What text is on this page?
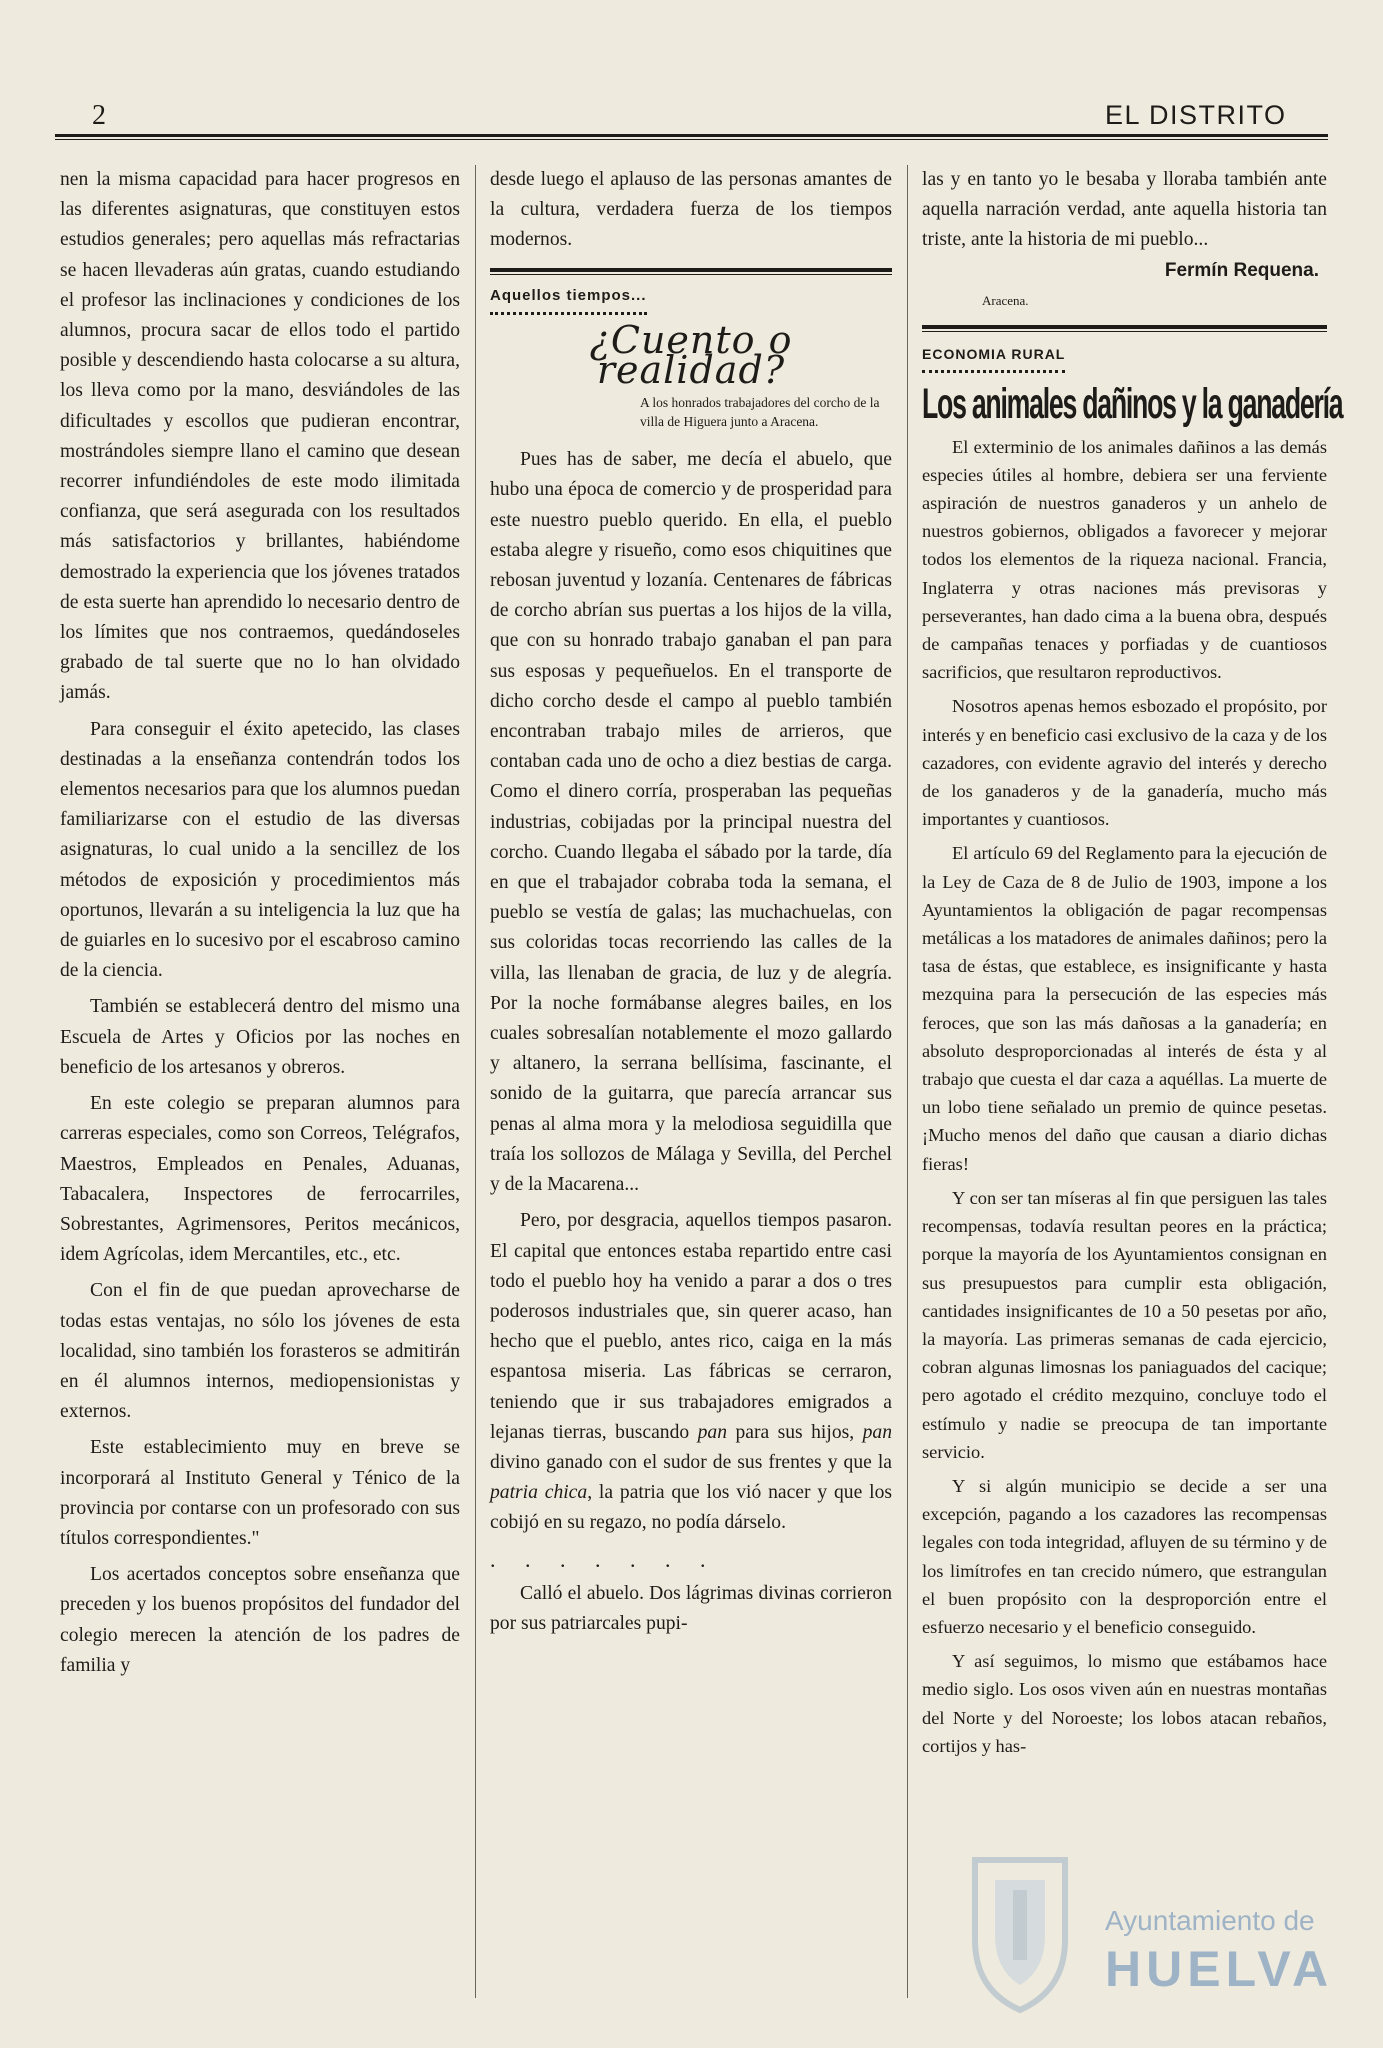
2	EL DISTRITO

nen la misma capacidad para hacer progresos en las diferentes asignaturas, que constituyen estos estudios generales; pero aquellas más refractarias se hacen llevaderas aún gratas, cuando estudiando el profesor las inclinaciones y condiciones de los alumnos, procura sacar de ellos todo el partido posible y descendiendo hasta colocarse a su altura, los lleva como por la mano, desviándoles de las dificultades y escollos que pudieran encontrar, mostrándoles siempre llano el camino que desean recorrer infundiéndoles de este modo ilimitada confianza, que será asegurada con los resultados más satisfactorios y brillantes, habiéndome demostrado la experiencia que los jóvenes tratados de esta suerte han aprendido lo necesario dentro de los límites que nos contraemos, quedándoseles grabado de tal suerte que no lo han olvidado jamás.

Para conseguir el éxito apetecido, las clases destinadas a la enseñanza contendrán todos los elementos necesarios para que los alumnos puedan familiarizarse con el estudio de las diversas asignaturas, lo cual unido a la sencillez de los métodos de exposición y procedimientos más oportunos, llevarán a su inteligencia la luz que ha de guiarles en lo sucesivo por el escabroso camino de la ciencia.

También se establecerá dentro del mismo una Escuela de Artes y Oficios por las noches en beneficio de los artesanos y obreros.

En este colegio se preparan alumnos para carreras especiales, como son Correos, Telégrafos, Maestros, Empleados en Penales, Aduanas, Tabacalera, Inspectores de ferrocarriles, Sobrestantes, Agrimensores, Peritos mecánicos, idem Agrícolas, idem Mercantiles, etc., etc.

Con el fin de que puedan aprovecharse de todas estas ventajas, no sólo los jóvenes de esta localidad, sino también los forasteros se admitirán en él alumnos internos, mediopensionistas y externos.

Este establecimiento muy en breve se incorporará al Instituto General y Ténico de la provincia por contarse con un profesorado con sus títulos correspondientes."

Los acertados conceptos sobre enseñanza que preceden y los buenos propósitos del fundador del colegio merecen la atención de los padres de familia y

desde luego el aplauso de las personas amantes de la cultura, verdadera fuerza de los tiempos modernos.

Aquellos tiempos...
¿Cuento o realidad?
A los honrados trabajadores del corcho de la villa de Higuera junto a Aracena.

Pues has de saber, me decía el abuelo, que hubo una época de comercio y de prosperidad para este nuestro pueblo querido. En ella, el pueblo estaba alegre y risueño, como esos chiquitines que rebosan juventud y lozanía. Centenares de fábricas de corcho abrían sus puertas a los hijos de la villa, que con su honrado trabajo ganaban el pan para sus esposas y pequeñuelos. En el transporte de dicho corcho desde el campo al pueblo también encontraban trabajo miles de arrieros, que contaban cada uno de ocho a diez bestias de carga. Como el dinero corría, prosperaban las pequeñas industrias, cobijadas por la principal nuestra del corcho. Cuando llegaba el sábado por la tarde, día en que el trabajador cobraba toda la semana, el pueblo se vestía de galas; las muchachuelas, con sus coloridas tocas recorriendo las calles de la villa, las llenaban de gracia, de luz y de alegría. Por la noche formábanse alegres bailes, en los cuales sobresalían notablemente el mozo gallardo y altanero, la serrana bellísima, fascinante, el sonido de la guitarra, que parecía arrancar sus penas al alma mora y la melodiosa seguidilla que traía los sollozos de Málaga y Sevilla, del Perchel y de la Macarena...

Pero, por desgracia, aquellos tiempos pasaron. El capital que entonces estaba repartido entre casi todo el pueblo hoy ha venido a parar a dos o tres poderosos industriales que, sin querer acaso, han hecho que el pueblo, antes rico, caiga en la más espantosa miseria. Las fábricas se cerraron, teniendo que ir sus trabajadores emigrados a lejanas tierras, buscando pan para sus hijos, pan divino ganado con el sudor de sus frentes y que la patria chica, la patria que los vió nacer y que los cobijó en su regazo, no podía dárselo.

. . . . . . .

Calló el abuelo. Dos lágrimas divinas corrieron por sus patriarcales pupi-

las y en tanto yo le besaba y lloraba también ante aquella narración verdad, ante aquella historia tan triste, ante la historia de mi pueblo...

Fermín Requena.
Aracena.
ECONOMIA RURAL
Los animales dañinos y la ganadería

El exterminio de los animales dañinos a las demás especies útiles al hombre, debiera ser una ferviente aspiración de nuestros ganaderos y un anhelo de nuestros gobiernos, obligados a favorecer y mejorar todos los elementos de la riqueza nacional. Francia, Inglaterra y otras naciones más previsoras y perseverantes, han dado cima a la buena obra, después de campañas tenaces y porfiadas y de cuantiosos sacrificios, que resultaron reproductivos.

Nosotros apenas hemos esbozado el propósito, por interés y en beneficio casi exclusivo de la caza y de los cazadores, con evidente agravio del interés y derecho de los ganaderos y de la ganadería, mucho más importantes y cuantiosos.

El artículo 69 del Reglamento para la ejecución de la Ley de Caza de 8 de Julio de 1903, impone a los Ayuntamientos la obligación de pagar recompensas metálicas a los matadores de animales dañinos; pero la tasa de éstas, que establece, es insignificante y hasta mezquina para la persecución de las especies más feroces, que son las más dañosas a la ganadería; en absoluto desproporcionadas al interés de ésta y al trabajo que cuesta el dar caza a aquéllas. La muerte de un lobo tiene señalado un premio de quince pesetas. ¡Mucho menos del daño que causan a diario dichas fieras!

Y con ser tan míseras al fin que persiguen las tales recompensas, todavía resultan peores en la práctica; porque la mayoría de los Ayuntamientos consignan en sus presupuestos para cumplir esta obligación, cantidades insignificantes de 10 a 50 pesetas por año, la mayoría. Las primeras semanas de cada ejercicio, cobran algunas limosnas los paniaguados del cacique; pero agotado el crédito mezquino, concluye todo el estímulo y nadie se preocupa de tan importante servicio.

Y si algún municipio se decide a ser una excepción, pagando a los cazadores las recompensas legales con toda integridad, afluyen de su término y de los limítrofes en tan crecido número, que estrangulan el buen propósito con la desproporción entre el esfuerzo necesario y el beneficio conseguido.

Y así seguimos, lo mismo que estábamos hace medio siglo. Los osos viven aún en nuestras montañas del Norte y del Noroeste; los lobos atacan rebaños, cortijos y has-

Ayuntamiento de
HUELVA
